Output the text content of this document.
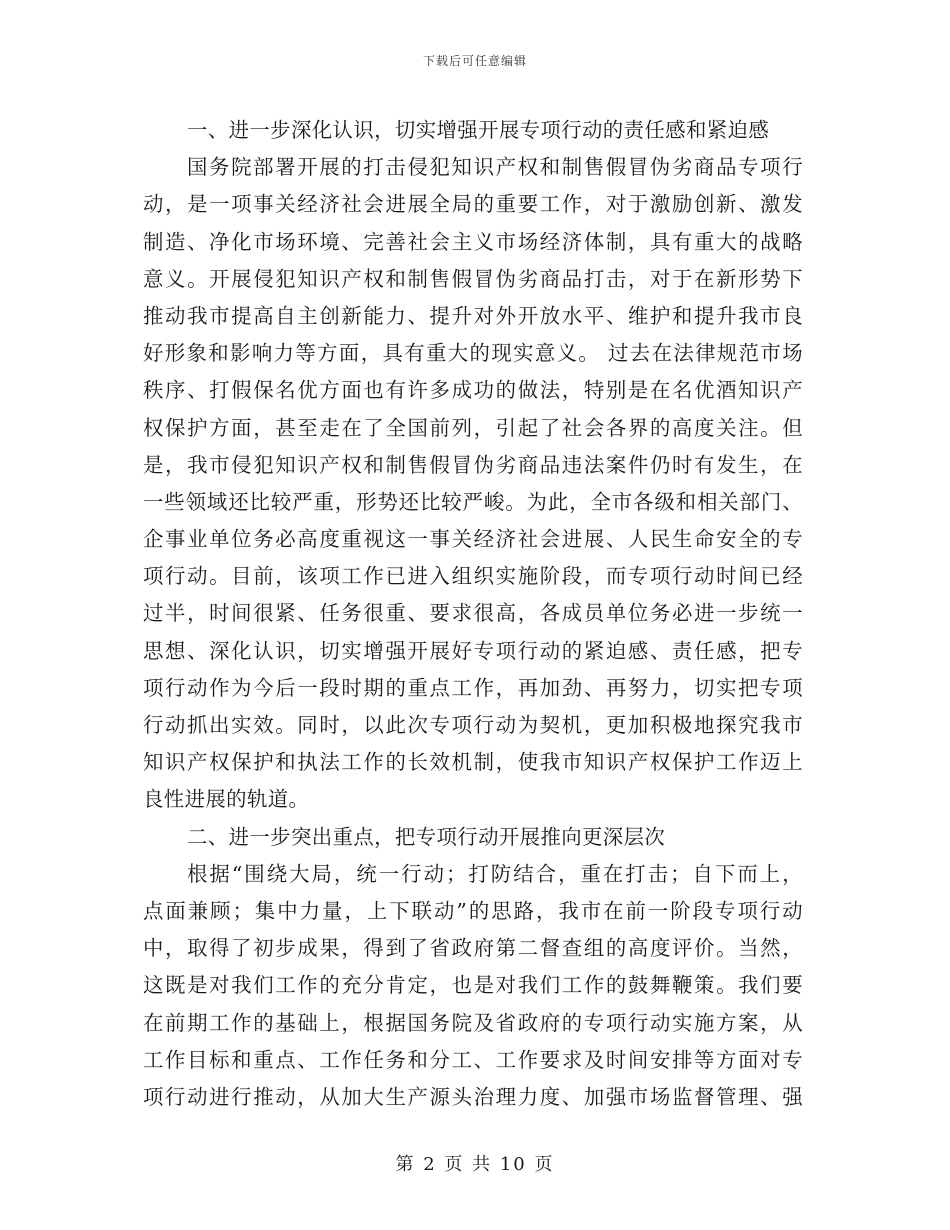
下载后可任意编辑
一、进一步深化认识，切实增强开展专项行动的责任感和紧迫感
国务院部署开展的打击侵犯知识产权和制售假冒伪劣商品专项行
动，是一项事关经济社会进展全局的重要工作，对于激励创新、激发
制造、净化市场环境、完善社会主义市场经济体制，具有重大的战略
意义。开展侵犯知识产权和制售假冒伪劣商品打击，对于在新形势下
推动我市提高自主创新能力、提升对外开放水平、维护和提升我市良
好形象和影响力等方面，具有重大的现实意义。 过去在法律规范市场
秩序、打假保名优方面也有许多成功的做法，特别是在名优酒知识产
权保护方面，甚至走在了全国前列，引起了社会各界的高度关注。但
是，我市侵犯知识产权和制售假冒伪劣商品违法案件仍时有发生，在
一些领域还比较严重，形势还比较严峻。为此，全市各级和相关部门、
企事业单位务必高度重视这一事关经济社会进展、人民生命安全的专
项行动。目前，该项工作已进入组织实施阶段，而专项行动时间已经
过半，时间很紧、任务很重、要求很高，各成员单位务必进一步统一
思想、深化认识，切实增强开展好专项行动的紧迫感、责任感，把专
项行动作为今后一段时期的重点工作，再加劲、再努力，切实把专项
行动抓出实效。同时，以此次专项行动为契机，更加积极地探究我市
知识产权保护和执法工作的长效机制，使我市知识产权保护工作迈上
良性进展的轨道。
二、进一步突出重点，把专项行动开展推向更深层次
根据“围绕大局，统一行动；打防结合，重在打击；自下而上，
点面兼顾；集中力量，上下联动”的思路，我市在前一阶段专项行动
中，取得了初步成果，得到了省政府第二督查组的高度评价。当然，
这既是对我们工作的充分肯定，也是对我们工作的鼓舞鞭策。我们要
在前期工作的基础上，根据国务院及省政府的专项行动实施方案，从
工作目标和重点、工作任务和分工、工作要求及时间安排等方面对专
项行动进行推动，从加大生产源头治理力度、加强市场监督管理、强
第 2 页 共 10 页
